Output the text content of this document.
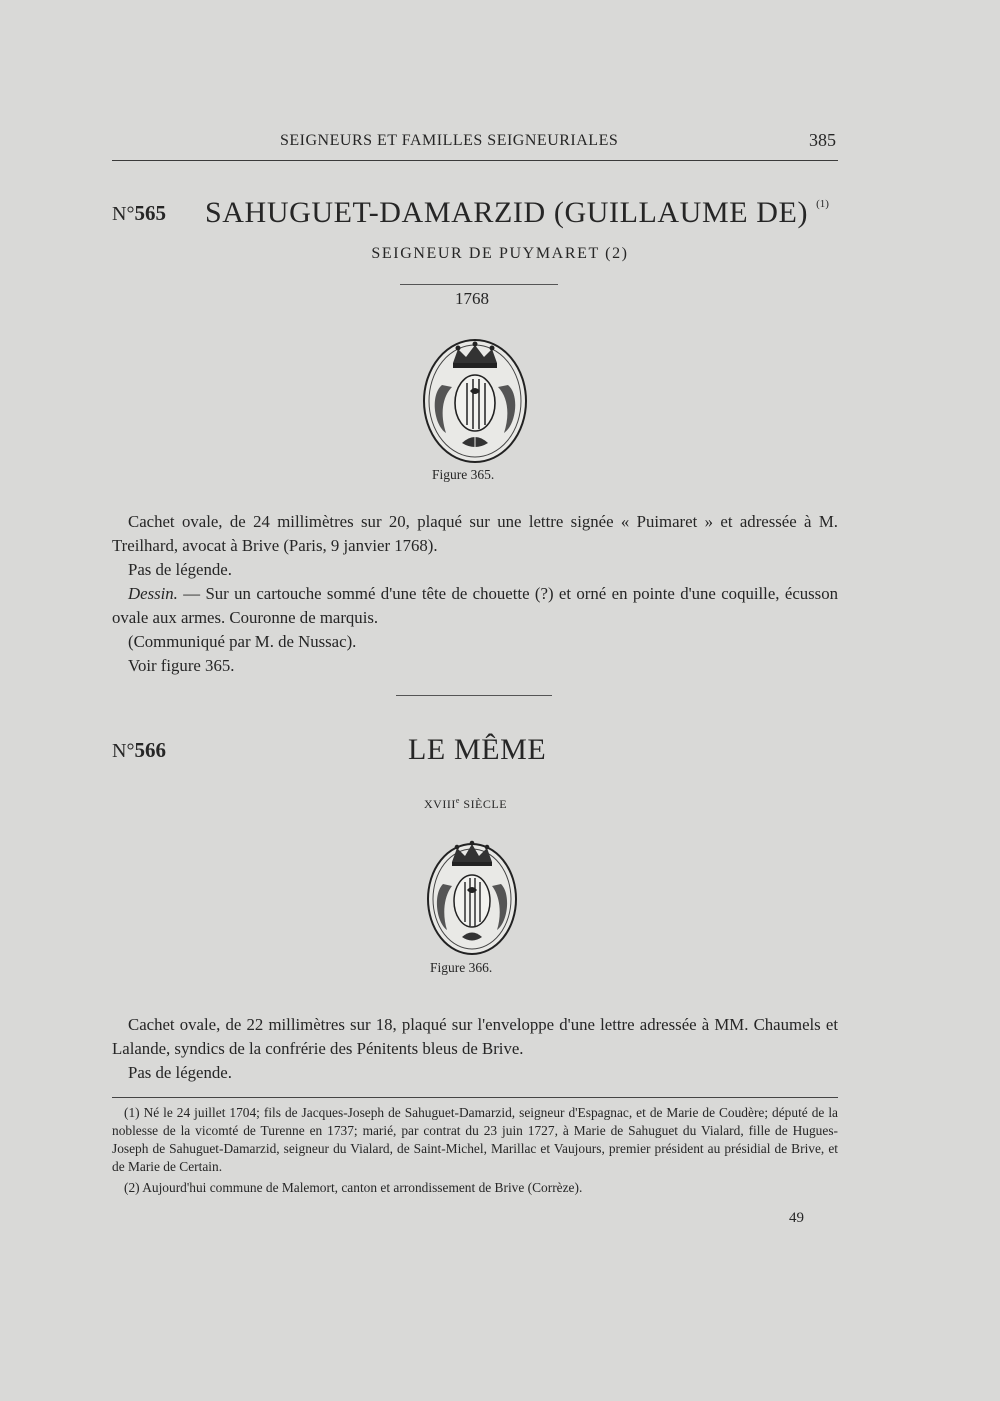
SEIGNEURS ET FAMILLES SEIGNEURIALES	385
N°565 SAHUGUET-DAMARZID (GUILLAUME DE) $^{(1)}$
SEIGNEUR DE PUYMARET (2)
1768
Figure 365.

Cachet ovale, de 24 millimètres sur 20, plaqué sur une lettre signée « Puimaret » et adressée à M. Treilhard, avocat à Brive (Paris, 9 janvier 1768).

Pas de légende.

Dessin. — Sur un cartouche sommé d'une tête de chouette (?) et orné en pointe d'une coquille, écusson ovale aux armes. Couronne de marquis.

(Communiqué par M. de Nussac).

Voir figure 365.

N°566	LE MÊME
XVIIIe SIÈCLE
Figure 366.

Cachet ovale, de 22 millimètres sur 18, plaqué sur l'enveloppe d'une lettre adressée à MM. Chaumels et Lalande, syndics de la confrérie des Pénitents bleus de Brive.

Pas de légende.

(1) Né le 24 juillet 1704; fils de Jacques-Joseph de Sahuguet-Damarzid, seigneur d'Espagnac, et de Marie de Coudère; député de la noblesse de la vicomté de Turenne en 1737; marié, par contrat du 23 juin 1727, à Marie de Sahuguet du Vialard, fille de Hugues-Joseph de Sahuguet-Damarzid, seigneur du Vialard, de Saint-Michel, Marillac et Vaujours, premier président au présidial de Brive, et de Marie de Certain.

(2) Aujourd'hui commune de Malemort, canton et arrondissement de Brive (Corrèze).

49
